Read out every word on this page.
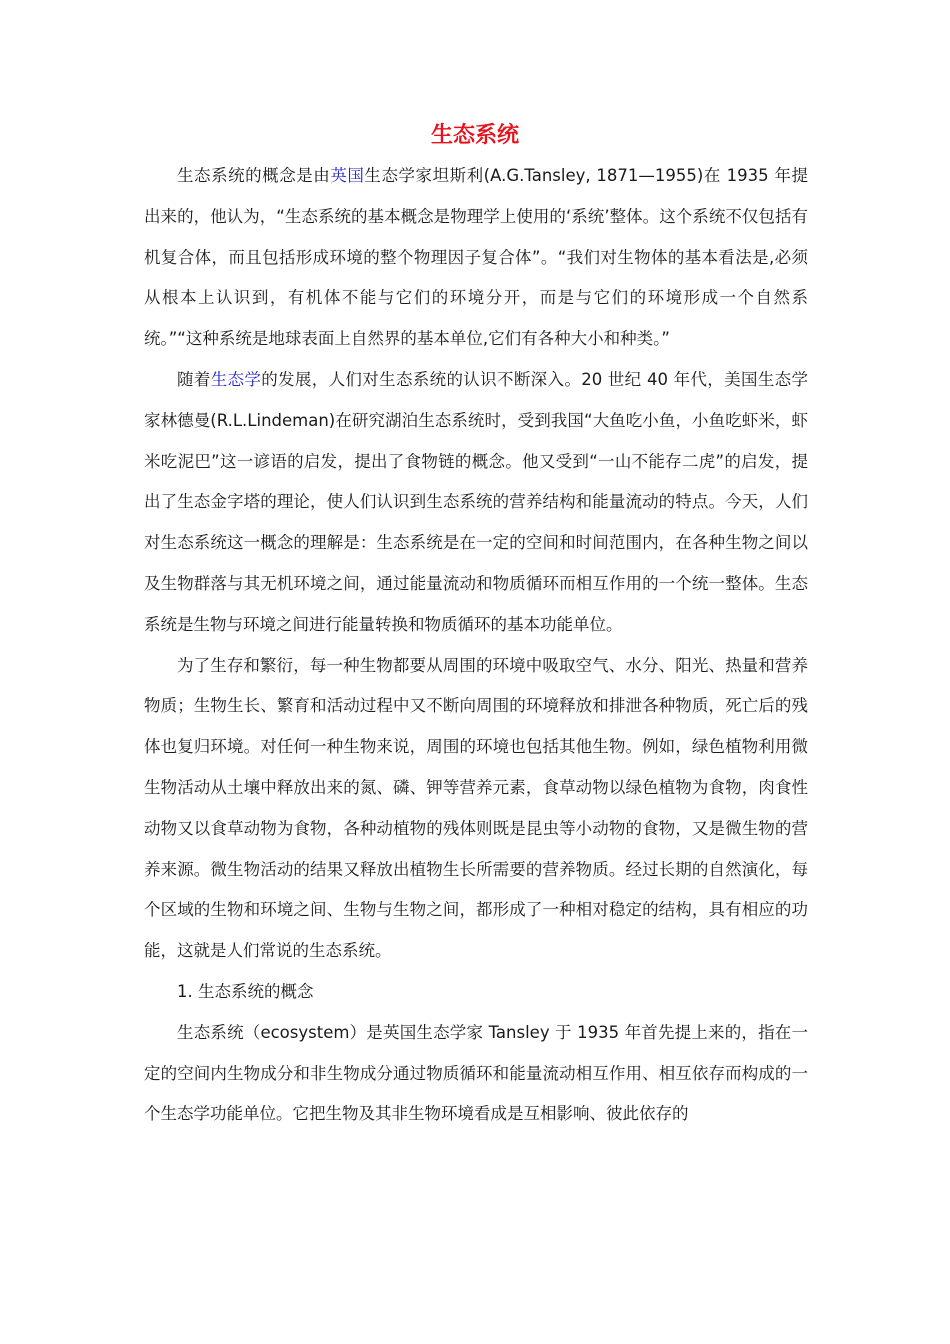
生态系统

生态系统的概念是由英国生态学家坦斯利(A.G.Tansley, 1871—1955)在 1935 年提出来的，他认为，“生态系统的基本概念是物理学上使用的‘系统’整体。这个系统不仅包括有机复合体，而且包括形成环境的整个物理因子复合体”。“我们对生物体的基本看法是,必须从根本上认识到，有机体不能与它们的环境分开，而是与它们的环境形成一个自然系统。”“这种系统是地球表面上自然界的基本单位,它们有各种大小和种类。”

随着生态学的发展，人们对生态系统的认识不断深入。20 世纪 40 年代，美国生态学家林德曼(R.L.Lindeman)在研究湖泊生态系统时，受到我国“大鱼吃小鱼，小鱼吃虾米，虾米吃泥巴”这一谚语的启发，提出了食物链的概念。他又受到“一山不能存二虎”的启发，提出了生态金字塔的理论，使人们认识到生态系统的营养结构和能量流动的特点。今天，人们对生态系统这一概念的理解是：生态系统是在一定的空间和时间范围内，在各种生物之间以及生物群落与其无机环境之间，通过能量流动和物质循环而相互作用的一个统一整体。生态系统是生物与环境之间进行能量转换和物质循环的基本功能单位。

为了生存和繁衍，每一种生物都要从周围的环境中吸取空气、水分、阳光、热量和营养物质；生物生长、繁育和活动过程中又不断向周围的环境释放和排泄各种物质，死亡后的残体也复归环境。对任何一种生物来说，周围的环境也包括其他生物。例如，绿色植物利用微生物活动从土壤中释放出来的氮、磷、钾等营养元素，食草动物以绿色植物为食物，肉食性动物又以食草动物为食物，各种动植物的残体则既是昆虫等小动物的食物，又是微生物的营养来源。微生物活动的结果又释放出植物生长所需要的营养物质。经过长期的自然演化，每个区域的生物和环境之间、生物与生物之间，都形成了一种相对稳定的结构，具有相应的功能，这就是人们常说的生态系统。

1. 生态系统的概念

生态系统（ecosystem）是英国生态学家 Tansley 于 1935 年首先提上来的，指在一定的空间内生物成分和非生物成分通过物质循环和能量流动相互作用、相互依存而构成的一个生态学功能单位。它把生物及其非生物环境看成是互相影响、彼此依存的
